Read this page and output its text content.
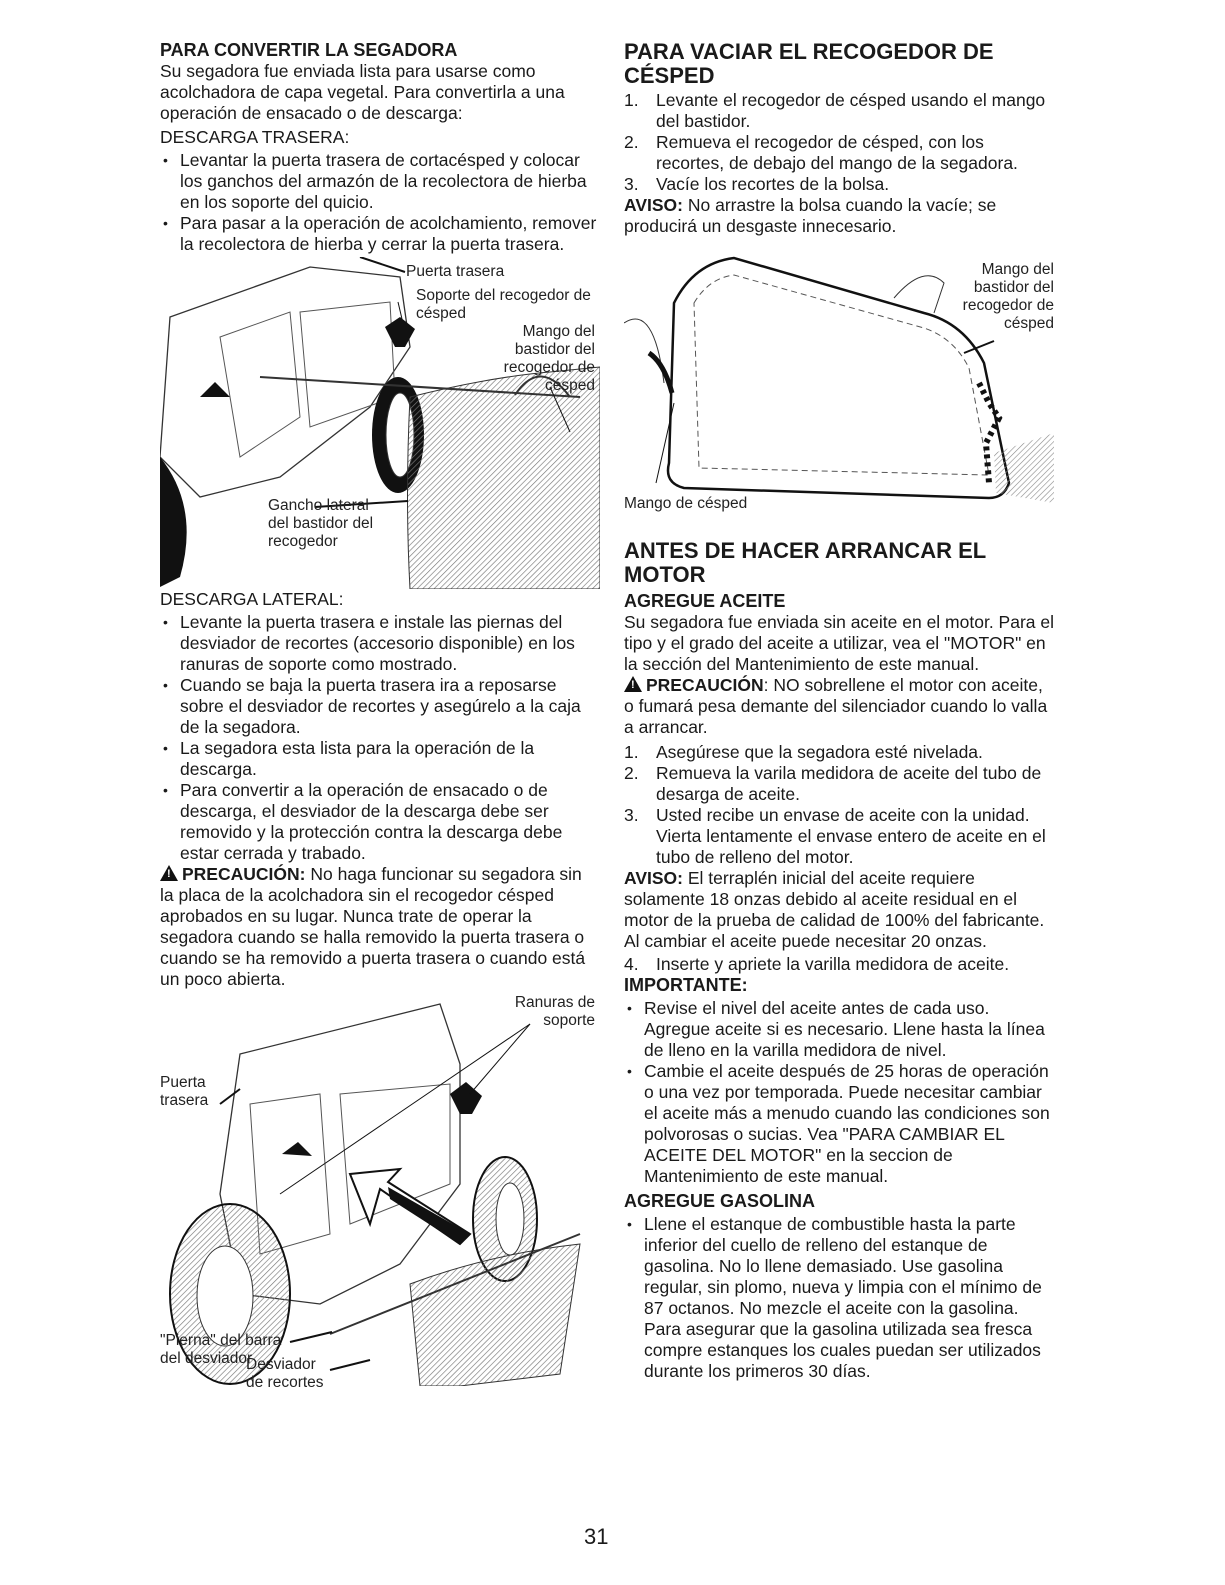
PARA CONVERTIR LA SEGADORA

Su segadora fue enviada lista para usarse como acolchadora de capa vegetal. Para convertirla a una operación de ensacado o de descarga:

DESCARGA TRASERA:

• Levantar la puerta trasera de cortacésped y colocar los ganchos del armazón de la recolectora de hierba en los soporte del quicio.
• Para pasar a la operación de acolchamiento, remover la recolectora de hierba y cerrar la puerta trasera.
Puerta trasera
Soporte del recogedor de césped
Mango del bastidor del recogedor de césped
Gancho lateral del bastidor del recogedor

DESCARGA LATERAL:

• Levante la puerta trasera e instale las piernas del desviador de recortes (accesorio disponible) en los ranuras de soporte como mostrado.
• Cuando se baja la puerta trasera ira a reposarse sobre el desviador de recortes y asegúrelo a la caja de la segadora.
• La segadora esta lista para la operación de la descarga.
• Para convertir a la operación de ensacado o de descarga, el desviador de la descarga debe ser removido y la protección contra la descarga debe estar cerrada y trabado.

!PRECAUCIÓN: No haga funcionar su segadora sin la placa de la acolchadora sin el recogedor césped aprobados en su lugar. Nunca trate de operar la segadora cuando se halla removido la puerta trasera o cuando se ha removido a puerta trasera o cuando está un poco abierta.

Ranuras de soporte
Puerta trasera
"Pierna" del barra del desviador
Desviador de recortes

PARA VACIAR EL RECOGEDOR DE CÉSPED

1. Levante el recogedor de césped usando el mango del bastidor.
2. Remueva el recogedor de césped, con los recortes, de debajo del mango de la segadora.
3. Vacíe los recortes de la bolsa.

AVISO: No arrastre la bolsa cuando la vacíe; se producirá un desgaste innecesario.

Mango del bastidor del recogedor de césped
Mango de césped

ANTES DE HACER ARRANCAR EL MOTOR

AGREGUE ACEITE

Su segadora fue enviada sin aceite en el motor. Para el tipo y el grado del aceite a utilizar, vea el "MOTOR" en la sección del Mantenimiento de este manual.

!PRECAUCIÓN: NO sobrellene el motor con aceite, o fumará pesa demante del silenciador cuando lo valla a arrancar.

1. Asegúrese que la segadora esté nivelada.
2. Remueva la varila medidora de aceite del tubo de desarga de aceite.
3. Usted recibe un envase de aceite con la unidad. Vierta lentamente el envase entero de aceite en el tubo de relleno del motor.

AVISO: El terraplén inicial del aceite requiere solamente 18 onzas debido al aceite residual en el motor de la prueba de calidad de 100% del fabricante. Al cambiar el aceite puede necesitar 20 onzas.

4. Inserte y apriete la varilla medidora de aceite.

IMPORTANTE:

• Revise el nivel del aceite antes de cada uso. Agregue aceite si es necesario. Llene hasta la línea de lleno en la varilla medidora de nivel.
• Cambie el aceite después de 25 horas de operación o una vez por temporada. Puede necesitar cambiar el aceite más a menudo cuando las condiciones son polvorosas o sucias. Vea "PARA CAMBIAR EL ACEITE DEL MOTOR" en la seccion de Mantenimiento de este manual.

AGREGUE GASOLINA

• Llene el estanque de combustible hasta la parte inferior del cuello de relleno del estanque de gasolina. No lo llene demasiado. Use gasolina regular, sin plomo, nueva y limpia con el mínimo de 87 octanos. No mezcle el aceite con la gasolina. Para asegurar que la gasolina utilizada sea fresca compre estanques los cuales puedan ser utilizados durante los primeros 30 días.
31
